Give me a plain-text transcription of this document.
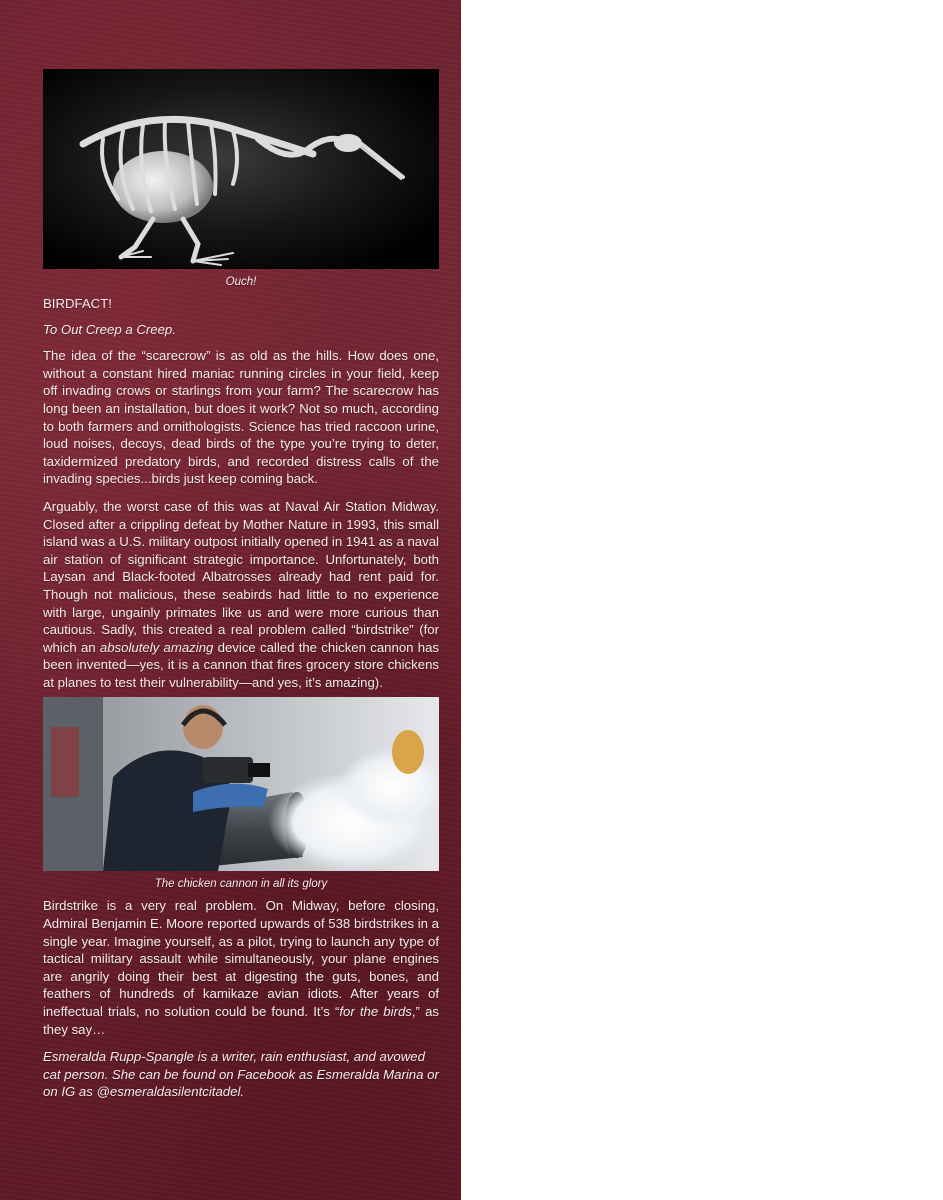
Ouch!
BIRDFACT!
To Out Creep a Creep.

The idea of the “scarecrow” is as old as the hills. How does one, without a constant hired maniac running circles in your field, keep off invading crows or starlings from your farm? The scarecrow has long been an installation, but does it work? Not so much, according to both farmers and ornithologists. Science has tried raccoon urine, loud noises, decoys, dead birds of the type you’re trying to deter, taxidermized predatory birds, and recorded distress calls of the invading species...birds just keep coming back.

Arguably, the worst case of this was at Naval Air Station Midway. Closed after a crippling defeat by Mother Nature in 1993, this small island was a U.S. military outpost initially opened in 1941 as a naval air station of significant strategic importance. Unfortunately, both Laysan and Black-footed Albatrosses already had rent paid for. Though not malicious, these seabirds had little to no experience with large, ungainly primates like us and were more curious than cautious. Sadly, this created a real problem called “birdstrike” (for which an absolutely amazing device called the chicken cannon has been invented—yes, it is a cannon that fires grocery store chickens at planes to test their vulnerability—and yes, it’s amazing).

The chicken cannon in all its glory

Birdstrike is a very real problem. On Midway, before closing, Admiral Benjamin E. Moore reported upwards of 538 birdstrikes in a single year. Imagine yourself, as a pilot, trying to launch any type of tactical military assault while simultaneously, your plane engines are angrily doing their best at digesting the guts, bones, and feathers of hundreds of kamikaze avian idiots. After years of ineffectual trials, no solution could be found. It’s “for the birds,” as they say…

Esmeralda Rupp-Spangle is a writer, rain enthusiast, and avowed cat person. She can be found on Facebook as Esmeralda Marina or on IG as @esmeraldasilentcitadel.
